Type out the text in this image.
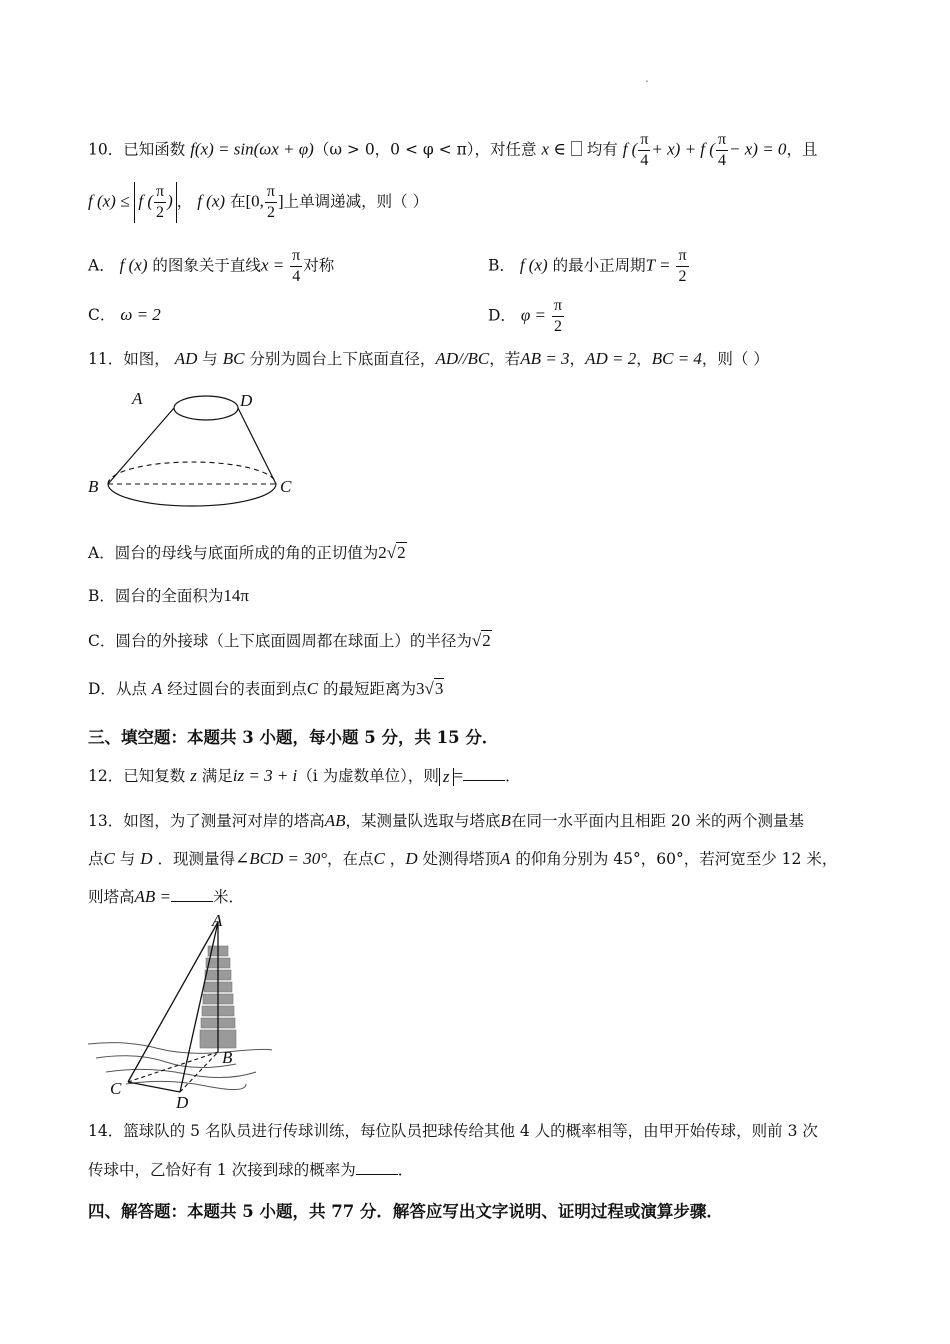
.
10．已知函数 f(x) = sin(ωx + φ)（ω > 0，0 < φ < π），对任意 x ∈ 均有 f ( $\frac{\pi}{4} + x) + f$ ( $\frac{\pi}{4} - x) = 0$，且
f (x) ≤ f ( $\frac{\pi}{2}$ ) ， f (x) 在[0, $\frac{\pi}{2}$ ]上单调递减，则（ ）
A． f (x) 的图象关于直线$x = \frac{\pi}{4}$ 对称	B． f (x) 的最小正周期$T = \frac{\pi}{2}$
C． ω = 2	D． $\varphi = \frac{\pi}{2}$
11．如图， AD 与 BC 分别为圆台上下底面直径，AD//BC，若AB = 3，AD = 2，BC = 4，则（ ）
A	D
B	C
A．圆台的母线与底面所成的角的正切值为2√2
B．圆台的全面积为14π
C．圆台的外接球（上下底面圆周都在球面上）的半径为√2
D．从点 A 经过圆台的表面到点C 的最短距离为3√3
三、填空题：本题共 3 小题，每小题 5 分，共 15 分．
12．已知复数 z 满足iz = 3 + i（i 为虚数单位），则 z =	．
13．如图，为了测量河对岸的塔高AB，某测量队选取与塔底B在同一水平面内且相距 20 米的两个测量基
点C 与 D ．现测量得∠BCD = 30°，在点C ，D 处测得塔顶A 的仰角分别为 45°，60°，若河宽至少 12 米，
则塔高AB =	米．
A
B
C
D
14．篮球队的 5 名队员进行传球训练，每位队员把球传给其他 4 人的概率相等，由甲开始传球，则前 3 次
传球中，乙恰好有 1 次接到球的概率为	．
四、解答题：本题共 5 小题，共 77 分．解答应写出文字说明、证明过程或演算步骤．
